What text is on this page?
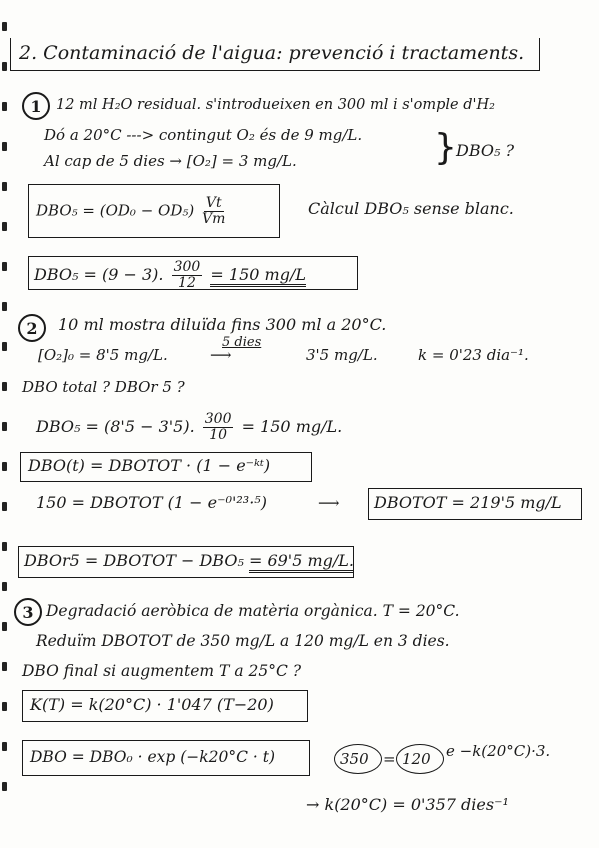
2. Contaminació de l'aigua: prevenció i tractaments.
1 12 ml H₂O residual. s'introdueixen en 300 ml i s'omple d'H₂
Dó a 20°C ---> contingut O₂ és de 9 mg/L.
Al cap de 5 dies → [O₂] = 3 mg/L.	} DBO₅ ?
$DBO_5 = (OD_0 - OD_5) \frac{Vt}{Vm}$	Càlcul DBO₅ sense blanc.
DBO₅ = (9 − 3). $\frac{300}{12} = 150$ mg/L
2	10 ml mostra diluïda fins 300 ml a 20°C.
[O₂]₀ = 8'5 mg/L.
5 dies
⟶	3'5 mg/L.	k = 0'23 dia⁻¹.
DBO total ? DBOr 5 ?
DBO₅ = (8'5 − 3'5). $\frac{300}{10} = 150$ mg/L.
DBO(t) = DBOTOT · (1 − e⁻ᵏᵗ)
150 = DBOTOT (1 − e⁻⁰'²³·⁵)	⟶ DBOTOT = 219'5 mg/L
DBOr5 = DBOTOT − DBO₅ = 69'5 mg/L.
3 Degradació aeròbica de matèria orgànica. T = 20°C.
Reduïm DBOTOT de 350 mg/L a 120 mg/L en 3 dies.
DBO final si augmentem T a 25°C ?
K(T) = k(20°C) · 1'047 (T−20)
DBO = DBO₀ · exp (−k20°C · t)	350 = 120 e −k(20°C)·3.
→ k(20°C) = 0'357 dies⁻¹
